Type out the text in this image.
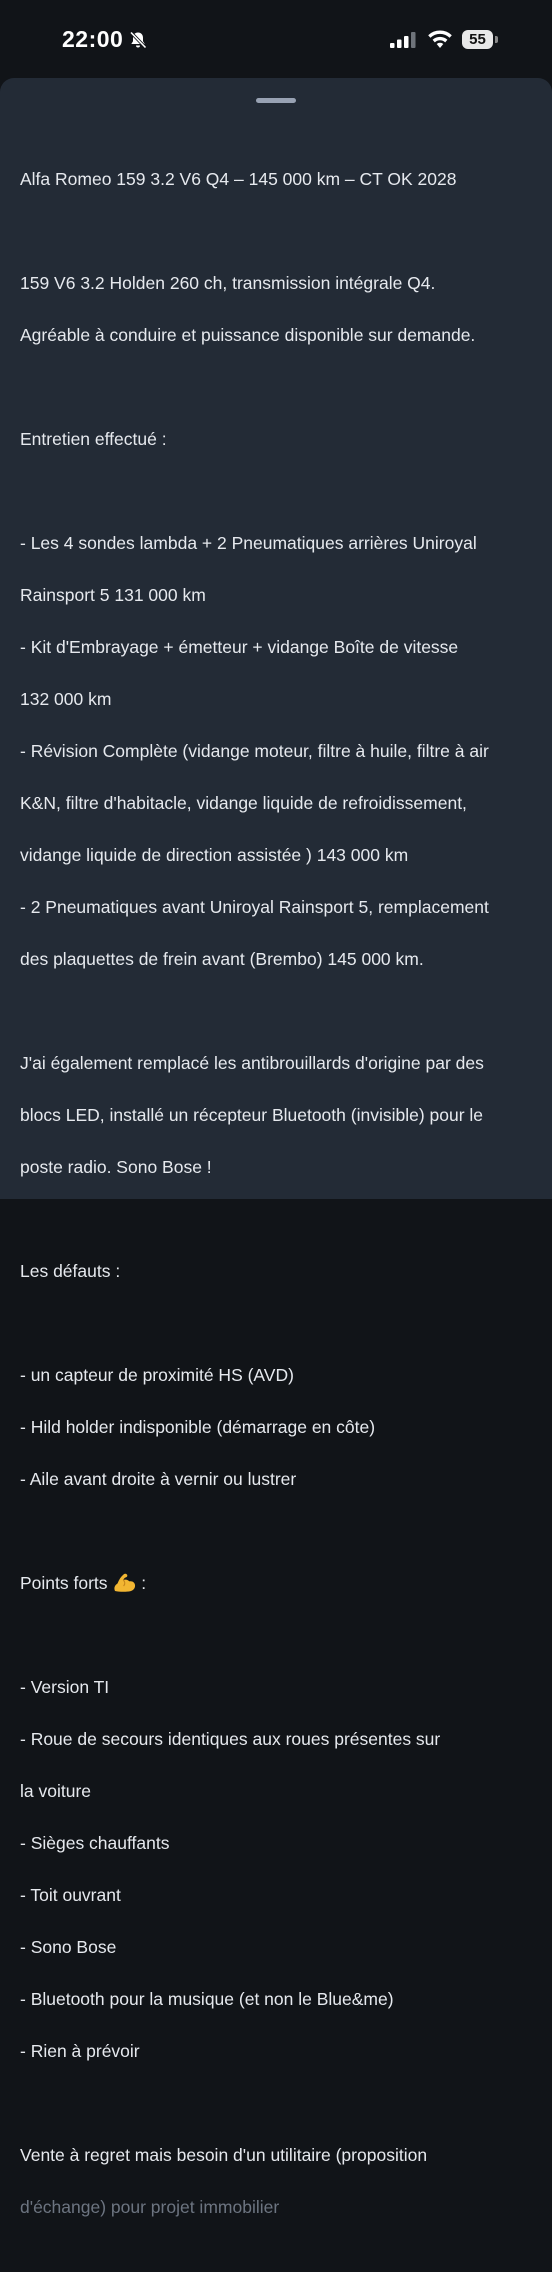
22:00	55

Alfa Romeo 159 3.2 V6 Q4 – 145 000 km – CT OK 2028

159 V6 3.2 Holden 260 ch, transmission intégrale Q4.

Agréable à conduire et puissance disponible sur demande.

Entretien effectué :

- Les 4 sondes lambda + 2 Pneumatiques arrières Uniroyal

Rainsport 5 131 000 km

- Kit d'Embrayage + émetteur + vidange Boîte de vitesse

132 000 km

- Révision Complète (vidange moteur, filtre à huile, filtre à air

K&N, filtre d'habitacle, vidange liquide de refroidissement,

vidange liquide de direction assistée ) 143 000 km

- 2 Pneumatiques avant Uniroyal Rainsport 5, remplacement

des plaquettes de frein avant (Brembo) 145 000 km.

J'ai également remplacé les antibrouillards d'origine par des

blocs LED, installé un récepteur Bluetooth (invisible) pour le

poste radio. Sono Bose !

Les défauts :

- un capteur de proximité HS (AVD)

- Hild holder indisponible (démarrage en côte)

- Aile avant droite à vernir ou lustrer

Points forts  :

- Version TI

- Roue de secours identiques aux roues présentes sur

la voiture

- Sièges chauffants

- Toit ouvrant

- Sono Bose

- Bluetooth pour la musique (et non le Blue&me)

- Rien à prévoir

Vente à regret mais besoin d'un utilitaire (proposition

d'échange) pour projet immobilier
